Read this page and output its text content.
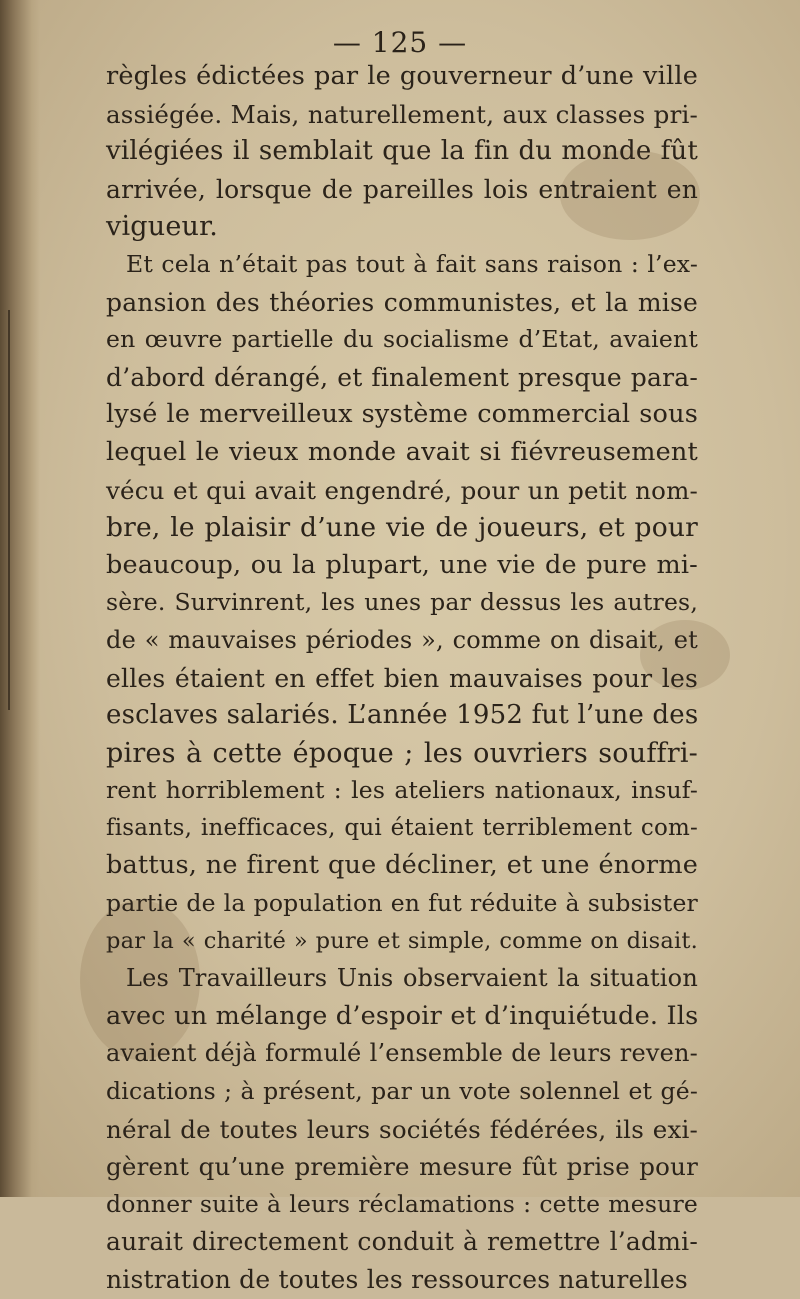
— 125 —
règles édictées par le gouverneur d’une ville
assiégée. Mais, naturellement, aux classes pri-
vilégiées il semblait que la fin du monde fût
arrivée, lorsque de pareilles lois entraient en
vigueur.
Et cela n’était pas tout à fait sans raison : l’ex-
pansion des théories communistes, et la mise
en œuvre partielle du socialisme d’Etat, avaient
d’abord dérangé, et finalement presque para-
lysé le merveilleux système commercial sous
lequel le vieux monde avait si fiévreusement
vécu et qui avait engendré, pour un petit nom-
bre, le plaisir d’une vie de joueurs, et pour
beaucoup, ou la plupart, une vie de pure mi-
sère. Survinrent, les unes par dessus les autres,
de « mauvaises périodes », comme on disait, et
elles étaient en effet bien mauvaises pour les
esclaves salariés. L’année 1952 fut l’une des
pires à cette époque ; les ouvriers souffri-
rent horriblement : les ateliers nationaux, insuf-
fisants, inefficaces, qui étaient terriblement com-
battus, ne firent que décliner, et une énorme
partie de la population en fut réduite à subsister
par la « charité » pure et simple, comme on disait.
Les Travailleurs Unis observaient la situation
avec un mélange d’espoir et d’inquiétude. Ils
avaient déjà formulé l’ensemble de leurs reven-
dications ; à présent, par un vote solennel et gé-
néral de toutes leurs sociétés fédérées, ils exi-
gèrent qu’une première mesure fût prise pour
donner suite à leurs réclamations : cette mesure
aurait directement conduit à remettre l’admi-
nistration de toutes les ressources naturelles
